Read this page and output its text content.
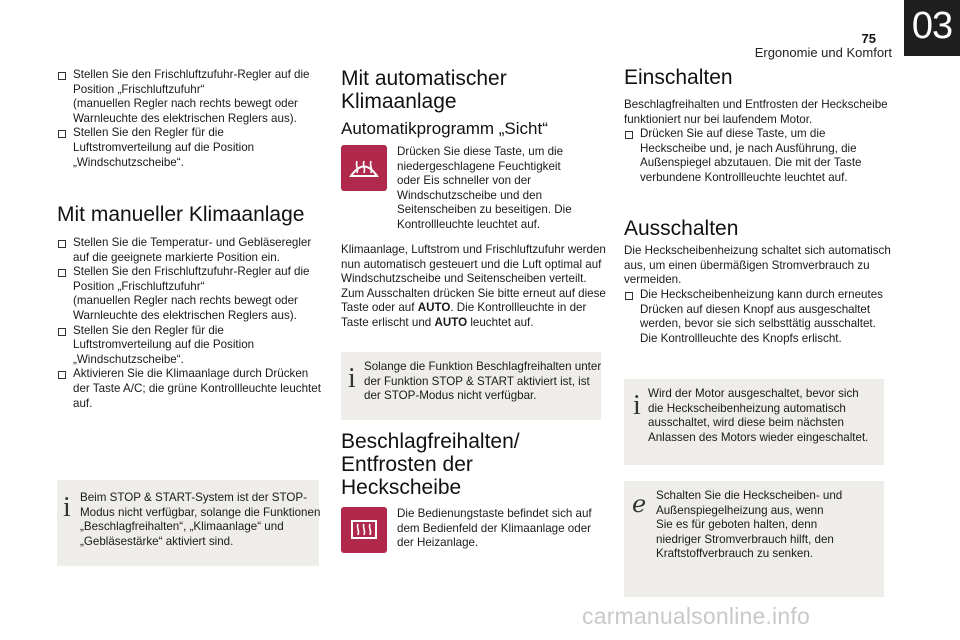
75
Ergonomie und Komfort
03
Stellen Sie den Frischluftzufuhr-Regler auf die
Position „Frischluftzufuhr“
(manuellen Regler nach rechts bewegt oder
Warnleuchte des elektrischen Reglers aus).
Stellen Sie den Regler für die
Luftstromverteilung auf die Position
„Windschutzscheibe“.
Mit manueller Klimaanlage
Stellen Sie die Temperatur- und Gebläseregler
auf die geeignete markierte Position ein.
Stellen Sie den Frischluftzufuhr-Regler auf die
Position „Frischluftzufuhr“
(manuellen Regler nach rechts bewegt oder
Warnleuchte des elektrischen Reglers aus).
Stellen Sie den Regler für die
Luftstromverteilung auf die Position
„Windschutzscheibe“.
Aktivieren Sie die Klimaanlage durch Drücken
der Taste A/C; die grüne Kontrollleuchte leuchtet
auf.
i Beim STOP & START-System ist der STOP-
Modus nicht verfügbar, solange die Funktionen
„Beschlagfreihalten“, „Klimaanlage“ und
„Gebläsestärke“ aktiviert sind.
Mit automatischer
Klimaanlage
Automatikprogramm „Sicht“
Drücken Sie diese Taste, um die
niedergeschlagene Feuchtigkeit
oder Eis schneller von der
Windschutzscheibe und den
Seitenscheiben zu beseitigen. Die
Kontrollleuchte leuchtet auf.
Klimaanlage, Luftstrom und Frischluftzufuhr werden
nun automatisch gesteuert und die Luft optimal auf
Windschutzscheibe und Seitenscheiben verteilt.
Zum Ausschalten drücken Sie bitte erneut auf diese
Taste oder auf AUTO. Die Kontrollleuchte in der
Taste erlischt und AUTO leuchtet auf.
i Solange die Funktion Beschlagfreihalten unter
der Funktion STOP & START aktiviert ist, ist
der STOP-Modus nicht verfügbar.
Beschlagfreihalten/
Entfrosten der
Heckscheibe
Die Bedienungstaste befindet sich auf
dem Bedienfeld der Klimaanlage oder
der Heizanlage.
Einschalten
Beschlagfreihalten und Entfrosten der Heckscheibe
funktioniert nur bei laufendem Motor.
Drücken Sie auf diese Taste, um die
Heckscheibe und, je nach Ausführung, die
Außenspiegel abzutauen. Die mit der Taste
verbundene Kontrollleuchte leuchtet auf.
Ausschalten
Die Heckscheibenheizung schaltet sich automatisch
aus, um einen übermäßigen Stromverbrauch zu
vermeiden.
Die Heckscheibenheizung kann durch erneutes
Drücken auf diesen Knopf aus ausgeschaltet
werden, bevor sie sich selbsttätig ausschaltet.
Die Kontrollleuchte des Knopfs erlischt.
i Wird der Motor ausgeschaltet, bevor sich
die Heckscheibenheizung automatisch
ausschaltet, wird diese beim nächsten
Anlassen des Motors wieder eingeschaltet.
ℯ Schalten Sie die Heckscheiben- und
Außenspiegelheizung aus, wenn
Sie es für geboten halten, denn
niedriger Stromverbrauch hilft, den
Kraftstoffverbrauch zu senken.
carmanualsonline.info
